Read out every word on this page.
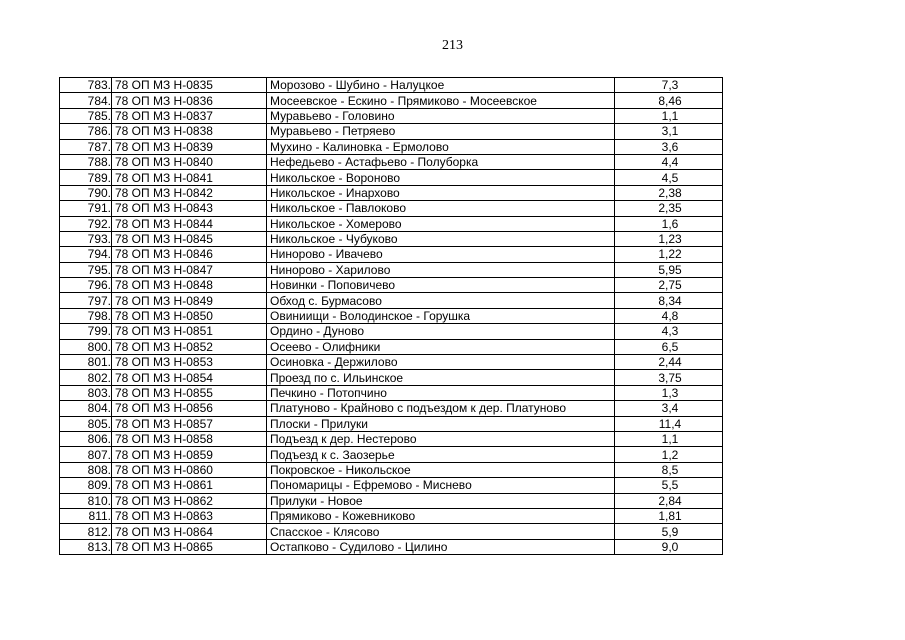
213
783.	78 ОП МЗ Н-0835	Морозово - Шубино - Налуцкое	7,3
784.	78 ОП МЗ Н-0836	Мосеевское - Ескино - Прямиково - Мосеевское	8,46
785.	78 ОП МЗ Н-0837	Муравьево - Головино	1,1
786.	78 ОП МЗ Н-0838	Муравьево - Петряево	3,1
787.	78 ОП МЗ Н-0839	Мухино - Калиновка - Ермолово	3,6
788.	78 ОП МЗ Н-0840	Нефедьево - Астафьево - Полуборка	4,4
789.	78 ОП МЗ Н-0841	Никольское - Вороново	4,5
790.	78 ОП МЗ Н-0842	Никольское - Инархово	2,38
791.	78 ОП МЗ Н-0843	Никольское - Павлоково	2,35
792.	78 ОП МЗ Н-0844	Никольское - Хомерово	1,6
793.	78 ОП МЗ Н-0845	Никольское - Чубуково	1,23
794.	78 ОП МЗ Н-0846	Нинорово - Ивачево	1,22
795.	78 ОП МЗ Н-0847	Нинорово - Харилово	5,95
796.	78 ОП МЗ Н-0848	Новинки - Поповичево	2,75
797.	78 ОП МЗ Н-0849	Обход с. Бурмасово	8,34
798.	78 ОП МЗ Н-0850	Овиниищи - Володинское - Горушка	4,8
799.	78 ОП МЗ Н-0851	Ордино - Дуново	4,3
800.	78 ОП МЗ Н-0852	Осеево - Олифники	6,5
801.	78 ОП МЗ Н-0853	Осиновка - Держилово	2,44
802.	78 ОП МЗ Н-0854	Проезд по с. Ильинское	3,75
803.	78 ОП МЗ Н-0855	Печкино - Потопчино	1,3
804.	78 ОП МЗ Н-0856	Платуново - Крайново с подъездом к дер. Платуново	3,4
805.	78 ОП МЗ Н-0857	Плоски - Прилуки	11,4
806.	78 ОП МЗ Н-0858	Подъезд к дер. Нестерово	1,1
807.	78 ОП МЗ Н-0859	Подъезд к с. Заозерье	1,2
808.	78 ОП МЗ Н-0860	Покровское - Никольское	8,5
809.	78 ОП МЗ Н-0861	Пономарицы - Ефремово - Мисневo	5,5
810.	78 ОП МЗ Н-0862	Прилуки - Новое	2,84
811.	78 ОП МЗ Н-0863	Прямиково - Кожевниково	1,81
812.	78 ОП МЗ Н-0864	Спасское - Клясово	5,9
813.	78 ОП МЗ Н-0865	Остапково - Судилово - Цилино	9,0
